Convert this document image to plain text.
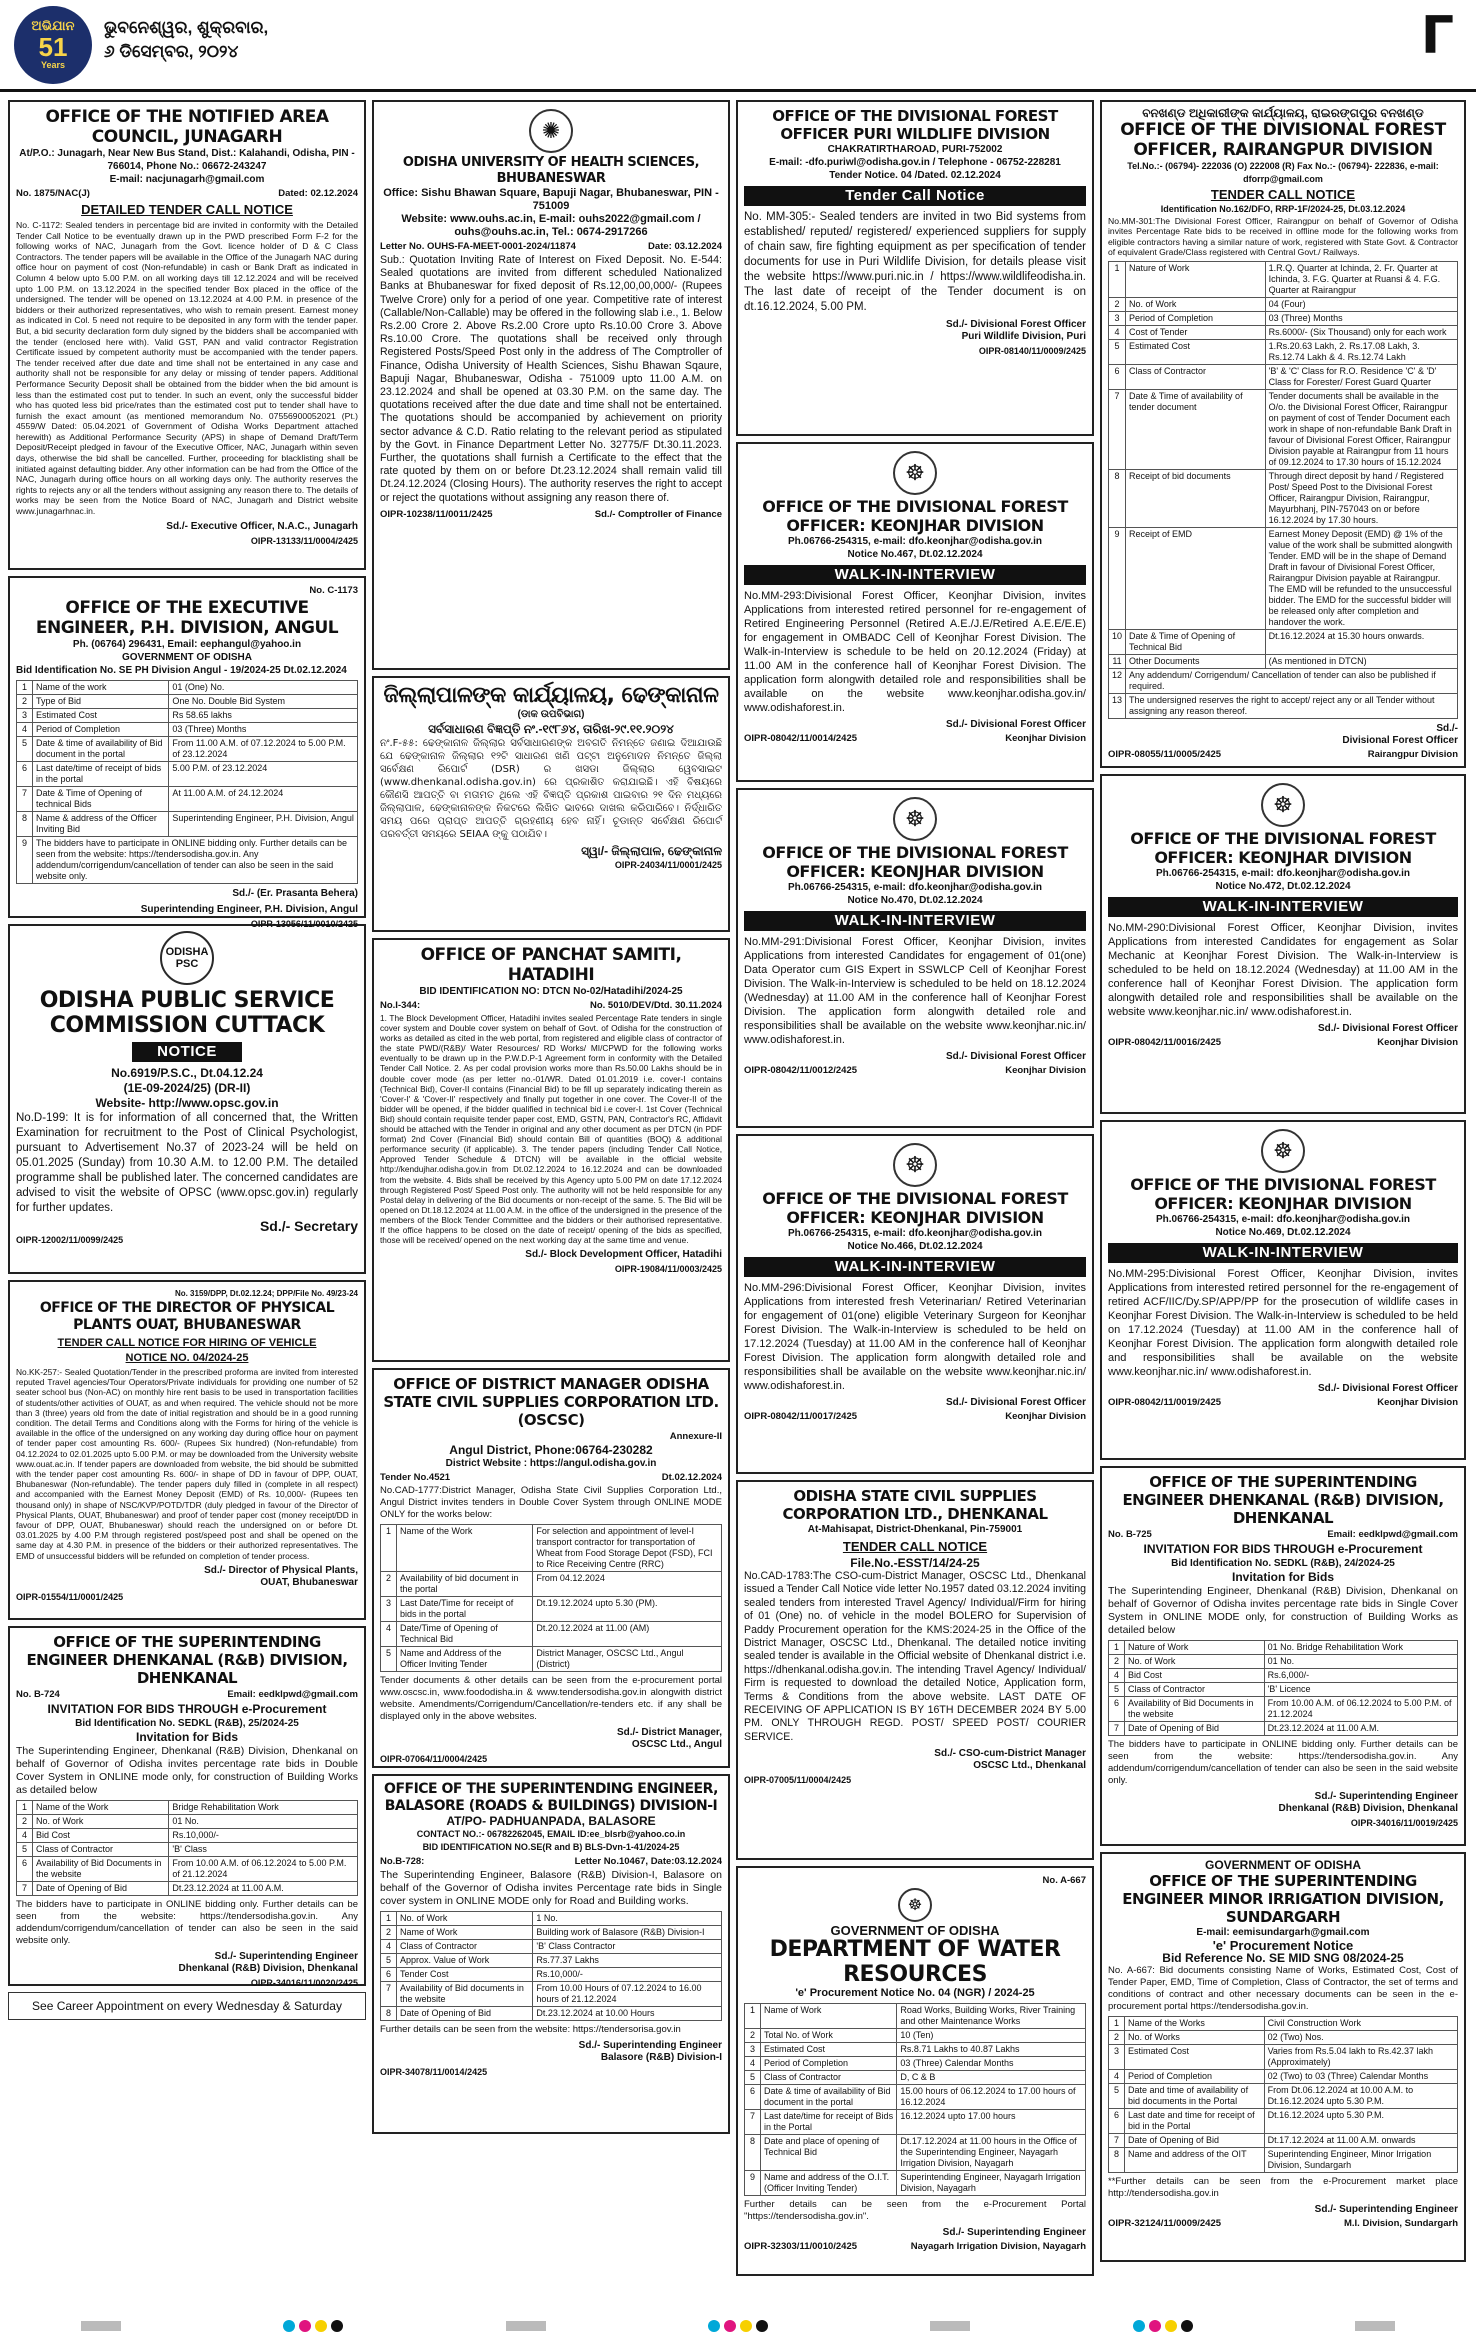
ଅଭିଯାନ
51
Years
ଭୁବନେଶ୍ୱର, ଶୁକ୍ରବାର,
୬ ଡିସେମ୍ବର, ୨୦୨୪	Γ
OFFICE OF THE NOTIFIED AREA COUNCIL, JUNAGARH
At/P.O.: Junagarh, Near New Bus Stand, Dist.: Kalahandi, Odisha, PIN - 766014, Phone No.: 06672-243247
E-mail: nacjunagarh@gmail.com
No. 1875/NAC(J)	Dated: 02.12.2024
DETAILED TENDER CALL NOTICE
No. C-1172: Sealed tenders in percentage bid are invited in conformity with the Detailed Tender Call Notice to be eventually drawn up in the PWD prescribed Form F-2 for the following works of NAC, Junagarh from the Govt. licence holder of D & C Class Contractors. The tender papers will be available in the Office of the Junagarh NAC during office hour on payment of cost (Non-refundable) in cash or Bank Draft as indicated in Column 4 below upto 5.00 P.M. on all working days till 12.12.2024 and will be received upto 1.00 P.M. on 13.12.2024 in the specified tender Box placed in the office of the undersigned. The tender will be opened on 13.12.2024 at 4.00 P.M. in presence of the bidders or their authorized representatives, who wish to remain present. Earnest money as indicated in Col. 5 need not require to be deposited in any form with the tender paper. But, a bid security declaration form duly signed by the bidders shall be accompanied with the tender (enclosed here with). Valid GST, PAN and valid contractor Registration Certificate issued by competent authority must be accompanied with the tender papers. The tender received after due date and time shall not be entertained in any case and authority shall not be responsible for any delay or missing of tender papers. Additional Performance Security Deposit shall be obtained from the bidder when the bid amount is less than the estimated cost put to tender. In such an event, only the successful bidder who has quoted less bid price/rates than the estimated cost put to tender shall have to furnish the exact amount (as mentioned memorandum No. 07556900052021 (Pt.) 4559/W Dated: 05.04.2021 of Government of Odisha Works Department attached herewith) as Additional Performance Security (APS) in shape of Demand Draft/Term Deposit/Receipt pledged in favour of the Executive Officer, NAC, Junagarh within seven days, otherwise the bid shall be cancelled. Further, proceeding for blacklisting shall be initiated against defaulting bidder. Any other information can be had from the Office of the NAC, Junagarh during office hours on all working days only. The authority reserves the rights to rejects any or all the tenders without assigning any reason there to. The details of works may be seen from the Notice Board of NAC, Junagarh and District website www.junagarhnac.in.
Sd./- Executive Officer, N.A.C., Junagarh
OIPR-13133/11/0004/2425
No. C-1173
OFFICE OF THE EXECUTIVE ENGINEER, P.H. DIVISION, ANGUL
Ph. (06764) 296431, Email: eephangul@yahoo.in
GOVERNMENT OF ODISHA
Bid Identification No. SE PH Division Angul - 19/2024-25 Dt.02.12.2024
1	Name of the work	01 (One) No.
2	Type of Bid	One No. Double Bid System
3	Estimated Cost	Rs 58.65 lakhs
4	Period of Completion	03 (Three) Months
5	Date & time of availability of Bid document in the portal	From 11.00 A.M. of 07.12.2024 to 5.00 P.M. of 23.12.2024
6	Last date/time of receipt of bids in the portal	5.00 P.M. of 23.12.2024
7	Date & Time of Opening of technical Bids	At 11.00 A.M. of 24.12.2024
8	Name & address of the Officer Inviting Bid	Superintending Engineer, P.H. Division, Angul
9	The bidders have to participate in ONLINE bidding only. Further details can be seen from the website: https://tendersodisha.gov.in. Any addendum/corrigendum/cancellation of tender can also be seen in the said website only.	
Sd./- (Er. Prasanta Behera)
Superintending Engineer, P.H. Division, Angul
OIPR-13056/11/0010/2425
ODISHA PSC
ODISHA PUBLIC SERVICE COMMISSION CUTTACK
NOTICE
No.6919/P.S.C., Dt.04.12.24
(1E-09-2024/25) (DR-II)
Website- http://www.opsc.gov.in
No.D-199: It is for information of all concerned that, the Written Examination for recruitment to the Post of Clinical Psychologist, pursuant to Advertisement No.37 of 2023-24 will be held on 05.01.2025 (Sunday) from 10.30 A.M. to 12.00 P.M. The detailed programme shall be published later. The concerned candidates are advised to visit the website of OPSC (www.opsc.gov.in) regularly for further updates.
Sd./- Secretary
OIPR-12002/11/0099/2425
No. 3159/DPP, Dt.02.12.24; DPP/File No. 49/23-24
OFFICE OF THE DIRECTOR OF PHYSICAL PLANTS OUAT, BHUBANESWAR
TENDER CALL NOTICE FOR HIRING OF VEHICLE
NOTICE NO. 04/2024-25
No.KK-257:- Sealed Quotation/Tender in the prescribed proforma are invited from interested reputed Travel agencies/Tour Operators/Private individuals for providing one number of 52 seater school bus (Non-AC) on monthly hire rent basis to be used in transportation facilities of students/other activities of OUAT, as and when required. The vehicle should not be more than 3 (three) years old from the date of initial registration and should be in a good running condition. The detail Terms and Conditions along with the Forms for hiring of the vehicle is available in the office of the undersigned on any working day during office hour on payment of tender paper cost amounting Rs. 600/- (Rupees Six hundred) (Non-refundable) from 04.12.2024 to 02.01.2025 upto 5.00 P.M. or may be downloaded from the University website www.ouat.ac.in. If tender papers are downloaded from website, the bid should be submitted with the tender paper cost amounting Rs. 600/- in shape of DD in favour of DPP, OUAT, Bhubaneswar (Non-refundable). The tender papers duly filled in (complete in all respect) and accompanied with the Earnest Money Deposit (EMD) of Rs. 10,000/- (Rupees ten thousand only) in shape of NSC/KVP/POTD/TDR (duly pledged in favour of the Director of Physical Plants, OUAT, Bhubaneswar) and proof of tender paper cost (money receipt/DD in favour of DPP, OUAT, Bhubaneswar) should reach the undersigned on or before Dt. 03.01.2025 by 4.00 P.M through registered post/speed post and shall be opened on the same day at 4.30 P.M. in presence of the bidders or their authorized representatives. The EMD of unsuccessful bidders will be refunded on completion of tender process.
Sd./- Director of Physical Plants,
OUAT, Bhubaneswar
OIPR-01554/11/0001/2425
OFFICE OF THE SUPERINTENDING ENGINEER DHENKANAL (R&B) DIVISION, DHENKANAL
No. B-724	Email: eedklpwd@gmail.com
INVITATION FOR BIDS THROUGH e-Procurement
Bid Identification No. SEDKL (R&B), 25/2024-25
Invitation for Bids
The Superintending Engineer, Dhenkanal (R&B) Division, Dhenkanal on behalf of Governor of Odisha invites percentage rate bids in Double Cover System in ONLINE mode only, for construction of Building Works as detailed below
1	Name of the Work	Bridge Rehabilitation Work
2	No. of Work	01 No.
4	Bid Cost	Rs.10,000/-
5	Class of Contractor	'B' Class
6	Availability of Bid Documents in the website	From 10.00 A.M. of 06.12.2024 to 5.00 P.M. of 21.12.2024
7	Date of Opening of Bid	Dt.23.12.2024 at 11.00 A.M.
The bidders have to participate in ONLINE bidding only. Further details can be seen from the website: https://tendersodisha.gov.in. Any addendum/corrigendum/cancellation of tender can also be seen in the said website only.
Sd./- Superintending Engineer
Dhenkanal (R&B) Division, Dhenkanal
OIPR-34016/11/0020/2425
See Career Appointment on every Wednesday & Saturday
✺
ODISHA UNIVERSITY OF HEALTH SCIENCES, BHUBANESWAR
Office: Sishu Bhawan Square, Bapuji Nagar, Bhubaneswar, PIN - 751009
Website: www.ouhs.ac.in, E-mail: ouhs2022@gmail.com / ouhs@ouhs.ac.in, Tel.: 0674-2917266
Letter No. OUHS-FA-MEET-0001-2024/11874	Date: 03.12.2024
Sub.: Quotation Inviting Rate of Interest on Fixed Deposit. No. E-544: Sealed quotations are invited from different scheduled Nationalized Banks at Bhubaneswar for fixed deposit of Rs.12,00,00,000/- (Rupees Twelve Crore) only for a period of one year. Competitive rate of interest (Callable/Non-Callable) may be offered in the following slab i.e., 1. Below Rs.2.00 Crore 2. Above Rs.2.00 Crore upto Rs.10.00 Crore 3. Above Rs.10.00 Crore. The quotations shall be received only through Registered Posts/Speed Post only in the address of The Comptroller of Finance, Odisha University of Health Sciences, Sishu Bhawan Sqaure, Bapuji Nagar, Bhubaneswar, Odisha - 751009 upto 11.00 A.M. on 23.12.2024 and shall be opened at 03.30 P.M. on the same day. The quotations received after the due date and time shall not be entertained. The quotations should be accompanied by achievement on priority sector advance & C.D. Ratio relating to the relevant period as stipulated by the Govt. in Finance Department Letter No. 32775/F Dt.30.11.2023. Further, the quotations shall furnish a Certificate to the effect that the rate quoted by them on or before Dt.23.12.2024 shall remain valid till Dt.24.12.2024 (Closing Hours). The authority reserves the right to accept or reject the quotations without assigning any reason there of.
OIPR-10238/11/0011/2425	Sd./- Comptroller of Finance
ଜିଲ୍ଲାପାଳଙ୍କ କାର୍ଯ୍ୟାଳୟ, ଢେଙ୍କାନାଳ
(ଡାକ ଉପବିଭାଗ)
ସର୍ବସାଧାରଣ ବିଜ୍ଞପ୍ତି ନଂ.-୧୯୮୬୪, ତାରିଖ-୨୯.୧୧.୨୦୨୪
ନଂ.F-୫୫: ଢେଙ୍କାନାଳ ଜିଲ୍ଲାର ସର୍ବସାଧାରଣଙ୍କ ଅବଗତି ନିମନ୍ତେ ଜଣାଇ ଦିଆଯାଉଛି ଯେ ଢେଙ୍କାନାଳ ଜିଲ୍ଲାର ୧୨ଟି ସାଧାରଣ ଖଣି ପଟ୍ଟା ଅନୁମୋଦନ ନିମନ୍ତେ ଜିଲ୍ଲା ସର୍ବେକ୍ଷଣ ରିପୋର୍ଟ (DSR) ର ଖସଡା ଜିଲ୍ଲାର ୱେବସାଇଟ (www.dhenkanal.odisha.gov.in) ରେ ପ୍ରକାଶିତ କରାଯାଇଛି। ଏହି ବିଷୟରେ କୌଣସି ଆପତ୍ତି ବା ମତାମତ ଥିଲେ ଏହି ବିଜ୍ଞପ୍ତି ପ୍ରକାଶ ପାଇବାର ୨୧ ଦିନ ମଧ୍ୟରେ ଜିଲ୍ଲାପାଳ, ଢେଙ୍କାନାଳଙ୍କ ନିକଟରେ ଲିଖିତ ଭାବରେ ଦାଖଲ କରିପାରିବେ। ନିର୍ଦ୍ଧାରିତ ସମୟ ପରେ ପ୍ରାପ୍ତ ଆପତ୍ତି ଗ୍ରହଣୀୟ ହେବ ନାହିଁ। ଚୂଡାନ୍ତ ସର୍ବେକ୍ଷଣ ରିପୋର୍ଟ ପରବର୍ତ୍ତୀ ସମୟରେ SEIAA ଙ୍କୁ ପଠାଯିବ।
ସ୍ୱା/- ଜିଲ୍ଲାପାଳ, ଢେଙ୍କାନାଳ
OIPR-24034/11/0001/2425
OFFICE OF PANCHAT SAMITI, HATADIHI
BID IDENTIFICATION NO: DTCN No-02/Hatadihi/2024-25
No.I-344:	No. 5010/DEV/Dtd. 30.11.2024
1. The Block Development Officer, Hatadihi invites sealed Percentage Rate tenders in single cover system and Double cover system on behalf of Govt. of Odisha for the construction of works as detailed as cited in the web portal, from registered and eligible class of contractor of the state PWD/(R&B)/ Water Resources/ RD Works/ MI/CPWD for the following works eventually to be drawn up in the P.W.D.P-1 Agreement form in conformity with the Detailed Tender Call Notice. 2. As per codal provision works more than Rs.50.00 Lakhs should be in double cover mode (as per letter no.-01/WR. Dated 01.01.2019 i.e. cover-I contains (Technical Bid), Cover-II contains (Financial Bid) to be fill up separately indicating therein as 'Cover-I' & 'Cover-II' respectively and finally put together in one cover. The Cover-II of the bidder will be opened, if the bidder qualified in technical bid i.e cover-I. 1st Cover (Technical Bid) should contain requisite tender paper cost, EMD, GSTN, PAN, Contractor's RC, Affidavit should be attached with the Tender in original and any other document as per DTCN (in PDF format) 2nd Cover (Financial Bid) should contain Bill of quantities (BOQ) & additional performance security (if applicable). 3. The tender papers (including Tender Call Notice, Approved Tender Schedule & DTCN) will be available in the official website http://kendujhar.odisha.gov.in from Dt.02.12.2024 to 16.12.2024 and can be downloaded from the website. 4. Bids shall be received by this Agency upto 5.00 PM on date 17.12.2024 through Registered Post/ Speed Post only. The authority will not be held responsible for any Postal delay in delivering of the Bid documents or non-receipt of the same. 5. The Bid will be opened on Dt.18.12.2024 at 11.00 A.M. in the office of the undersigned in the presence of the members of the Block Tender Committee and the bidders or their authorised representative. If the office happens to be closed on the date of receipt/ opening of the bids as specified, those will be received/ opened on the next working day at the same time and venue.
Sd./- Block Development Officer, Hatadihi
OIPR-19084/11/0003/2425
OFFICE OF DISTRICT MANAGER ODISHA STATE CIVIL SUPPLIES CORPORATION LTD. (OSCSC)
Annexure-II
Angul District, Phone:06764-230282
District Website : https://angul.odisha.gov.in
Tender No.4521	Dt.02.12.2024
No.CAD-1777:District Manager, Odisha State Civil Supplies Corporation Ltd., Angul District invites tenders in Double Cover System through ONLINE MODE ONLY for the works below:
1	Name of the Work	For selection and appointment of level-I transport contractor for transportation of Wheat from Food Storage Depot (FSD), FCI to Rice Receiving Centre (RRC)
2	Availability of bid document in the portal	From 04.12.2024
3	Last Date/Time for receipt of bids in the portal	Dt.19.12.2024 upto 5.30 (PM).
4	Date/Time of Opening of Technical Bid	Dt.20.12.2024 at 11.00 (AM)
5	Name and Address of the Officer Inviting Tender	District Manager, OSCSC Ltd., Angul (District)
Tender documents & other details can be seen from the e-procurement portal www.oscsc.in, www.foododisha.in & www.tendersodisha.gov.in alongwith district website. Amendments/Corrigendum/Cancellation/re-tenders etc. if any shall be displayed only in the above websites.
Sd./- District Manager,
OSCSC Ltd., Angul
OIPR-07064/11/0004/2425
OFFICE OF THE SUPERINTENDING ENGINEER, BALASORE (ROADS & BUILDINGS) DIVISION-I
AT/PO- PADHUANPADA, BALASORE
CONTACT NO.:- 06782262045, EMAIL ID:ee_blsrb@yahoo.co.in
BID IDENTIFICATION NO.SE(R and B) BLS-Dvn-1-41/2024-25
No.B-728:	Letter No.10467, Date:03.12.2024
The Superintending Engineer, Balasore (R&B) Division-I, Balasore on behalf of the Governor of Odisha invites Percentage rate bids in Single cover system in ONLINE MODE only for Road and Building works.
1	No. of Work	1 No.
2	Name of Work	Building work of Balasore (R&B) Division-I
4	Class of Contractor	'B' Class Contractor
5	Approx. Value of Work	Rs.77.37 Lakhs
6	Tender Cost	Rs.10,000/-
7	Availability of Bid documents in the website	From 10.00 Hours of 07.12.2024 to 16.00 hours of 21.12.2024
8	Date of Opening of Bid	Dt.23.12.2024 at 10.00 Hours
Further details can be seen from the website: https://tendersorisa.gov.in
Sd./- Superintending Engineer
Balasore (R&B) Division-I
OIPR-34078/11/0014/2425
OFFICE OF THE DIVISIONAL FOREST OFFICER PURI WILDLIFE DIVISION
CHAKRATIRTHAROAD, PURI-752002
E-mail: -dfo.puriwl@odisha.gov.in / Telephone - 06752-228281
Tender Notice. 04 /Dated. 02.12.2024
Tender Call Notice
No. MM-305:- Sealed tenders are invited in two Bid systems from established/ reputed/ registered/ experienced suppliers for supply of chain saw, fire fighting equipment as per specification of tender documents for use in Puri Wildlife Division, for details please visit the website https://www.puri.nic.in / https://www.wildlifeodisha.in. The last date of receipt of the Tender document is on dt.16.12.2024, 5.00 PM.
Sd./- Divisional Forest Officer
Puri Wildlife Division, Puri
OIPR-08140/11/0009/2425
☸
OFFICE OF THE DIVISIONAL FOREST OFFICER: KEONJHAR DIVISION
Ph.06766-254315, e-mail: dfo.keonjhar@odisha.gov.in
Notice No.467, Dt.02.12.2024
WALK-IN-INTERVIEW
No.MM-293:Divisional Forest Officer, Keonjhar Division, invites Applications from interested retired personnel for re-engagement of Retired Engineering Personnel (Retired A.E./J.E/Retired A.E.E/E.E) for engagement in OMBADC Cell of Keonjhar Forest Division. The Walk-in-Interview is schedule to be held on 20.12.2024 (Friday) at 11.00 AM in the conference hall of Keonjhar Forest Division. The application form alongwith detailed role and responsibilities shall be available on the website www.keonjhar.odisha.gov.in/ www.odishaforest.in.
Sd./- Divisional Forest Officer
OIPR-08042/11/0014/2425	Keonjhar Division
☸
OFFICE OF THE DIVISIONAL FOREST OFFICER: KEONJHAR DIVISION
Ph.06766-254315, e-mail: dfo.keonjhar@odisha.gov.in
Notice No.470, Dt.02.12.2024
WALK-IN-INTERVIEW
No.MM-291:Divisional Forest Officer, Keonjhar Division, invites Applications from interested Candidates for engagement of 01(one) Data Operator cum GIS Expert in SSWLCP Cell of Keonjhar Forest Division. The Walk-in-Interview is scheduled to be held on 18.12.2024 (Wednesday) at 11.00 AM in the conference hall of Keonjhar Forest Division. The application form alongwith detailed role and responsibilities shall be available on the website www.keonjhar.nic.in/ www.odishaforest.in.
Sd./- Divisional Forest Officer
OIPR-08042/11/0012/2425	Keonjhar Division
☸
OFFICE OF THE DIVISIONAL FOREST OFFICER: KEONJHAR DIVISION
Ph.06766-254315, e-mail: dfo.keonjhar@odisha.gov.in
Notice No.466, Dt.02.12.2024
WALK-IN-INTERVIEW
No.MM-296:Divisional Forest Officer, Keonjhar Division, invites Applications from interested fresh Veterinarian/ Retired Veterinarian for engagement of 01(one) eligible Veterinary Surgeon for Keonjhar Forest Division. The Walk-in-Interview is scheduled to be held on 17.12.2024 (Tuesday) at 11.00 AM in the conference hall of Keonjhar Forest Division. The application form alongwith detailed role and responsibilities shall be available on the website www.keonjhar.nic.in/ www.odishaforest.in.
Sd./- Divisional Forest Officer
OIPR-08042/11/0017/2425	Keonjhar Division
ODISHA STATE CIVIL SUPPLIES CORPORATION LTD., DHENKANAL
At-Mahisapat, District-Dhenkanal, Pin-759001
TENDER CALL NOTICE
File.No.-ESST/14/24-25
No.CAD-1783:The CSO-cum-District Manager, OSCSC Ltd., Dhenkanal issued a Tender Call Notice vide letter No.1957 dated 03.12.2024 inviting sealed tenders from interested Travel Agency/ Individual/Firm for hiring of 01 (One) no. of vehicle in the model BOLERO for Supervision of Paddy Procurement operation for the KMS:2024-25 in the Office of the District Manager, OSCSC Ltd., Dhenkanal. The detailed notice inviting sealed tender is available in the Official website of Dhenkanal district i.e. https://dhenkanal.odisha.gov.in. The intending Travel Agency/ Individual/ Firm is requested to download the detailed Notice, Application form, Terms & Conditions from the above website. LAST DATE OF RECEIVING OF APPLICATION IS BY 16TH DECEMBER 2024 BY 5.00 PM. ONLY THROUGH REGD. POST/ SPEED POST/ COURIER SERVICE.
Sd./- CSO-cum-District Manager
OSCSC Ltd., Dhenkanal
OIPR-07005/11/0004/2425
No. A-667
☸
GOVERNMENT OF ODISHA
DEPARTMENT OF WATER RESOURCES
'e' Procurement Notice No. 04 (NGR) / 2024-25
1	Name of Work	Road Works, Building Works, River Training and other Maintenance Works
2	Total No. of Work	10 (Ten)
3	Estimated Cost	Rs.8.71 Lakhs to 40.87 Lakhs
4	Period of Completion	03 (Three) Calendar Months
5	Class of Contractor	D, C & B
6	Date & time of availability of Bid document in the portal	15.00 hours of 06.12.2024 to 17.00 hours of 16.12.2024
7	Last date/time for receipt of Bids in the Portal	16.12.2024 upto 17.00 hours
8	Date and place of opening of Technical Bid	Dt.17.12.2024 at 11.00 hours in the Office of the Superintending Engineer, Nayagarh Irrigation Division, Nayagarh
9	Name and address of the O.I.T. (Officer Inviting Tender)	Superintending Engineer, Nayagarh Irrigation Division, Nayagarh
Further details can be seen from the e-Procurement Portal "https://tendersodisha.gov.in".
Sd./- Superintending Engineer
OIPR-32303/11/0010/2425	Nayagarh Irrigation Division, Nayagarh
ବନଖଣ୍ଡ ଅଧିକାରୀଙ୍କ କାର୍ଯ୍ୟାଳୟ, ରାଇରଙ୍ଗପୁର ବନଖଣ୍ଡ
OFFICE OF THE DIVISIONAL FOREST OFFICER, RAIRANGPUR DIVISION
Tel.No.:- (06794)- 222036 (O) 222008 (R) Fax No.:- (06794)- 222836, e-mail: dforrp@gmail.com
TENDER CALL NOTICE
Identification No.162/DFO, RRP-1F/2024-25, Dt.03.12.2024
No.MM-301:The Divisional Forest Officer, Rairangpur on behalf of Governor of Odisha invites Percentage Rate bids to be received in offline mode for the following works from eligible contractors having a similar nature of work, registered with State Govt. & Contractor of equivalent Grade/Class registered with Central Govt./ Railways.
1	Nature of Work	1.R.Q. Quarter at Ichinda, 2. Fr. Quarter at Ichinda, 3. F.G. Quarter at Ruansi & 4. F.G. Quarter at Rairangpur
2	No. of Work	04 (Four)
3	Period of Completion	03 (Three) Months
4	Cost of Tender	Rs.6000/- (Six Thousand) only for each work
5	Estimated Cost	1.Rs.20.63 Lakh, 2. Rs.17.08 Lakh, 3. Rs.12.74 Lakh & 4. Rs.12.74 Lakh
6	Class of Contractor	'B' & 'C' Class for R.O. Residence 'C' & 'D' Class for Forester/ Forest Guard Quarter
7	Date & Time of availability of tender document	Tender documents shall be available in the O/o. the Divisional Forest Officer, Rairangpur on payment of cost of Tender Document each work in shape of non-refundable Bank Draft in favour of Divisional Forest Officer, Rairangpur Division payable at Rairangpur from 11 hours of 09.12.2024 to 17.30 hours of 15.12.2024
8	Receipt of bid documents	Through direct deposit by hand / Registered Post/ Speed Post to the Divisional Forest Officer, Rairangpur Division, Rairangpur, Mayurbhanj, PIN-757043 on or before 16.12.2024 by 17.30 hours.
9	Receipt of EMD	Earnest Money Deposit (EMD) @ 1% of the value of the work shall be submitted alongwith Tender. EMD will be in the shape of Demand Draft in favour of Divisional Forest Officer, Rairangpur Division payable at Rairangpur. The EMD will be refunded to the unsuccessful bidder. The EMD for the successful bidder will be released only after completion and handover the work.
10	Date & Time of Opening of Technical Bid	Dt.16.12.2024 at 15.30 hours onwards.
11	Other Documents	(As mentioned in DTCN)
12	Any addendum/ Corrigendum/ Cancellation of tender can also be published if required.	
13	The undersigned reserves the right to accept/ reject any or all Tender without assigning any reason thereof.	
Sd./-
Divisional Forest Officer
OIPR-08055/11/0005/2425	Rairangpur Division
☸
OFFICE OF THE DIVISIONAL FOREST OFFICER: KEONJHAR DIVISION
Ph.06766-254315, e-mail: dfo.keonjhar@odisha.gov.in
Notice No.472, Dt.02.12.2024
WALK-IN-INTERVIEW
No.MM-290:Divisional Forest Officer, Keonjhar Division, invites Applications from interested Candidates for engagement as Solar Mechanic at Keonjhar Forest Division. The Walk-in-Interview is scheduled to be held on 18.12.2024 (Wednesday) at 11.00 AM in the conference hall of Keonjhar Forest Division. The application form alongwith detailed role and responsibilities shall be available on the website www.keonjhar.nic.in/ www.odishaforest.in.
Sd./- Divisional Forest Officer
OIPR-08042/11/0016/2425	Keonjhar Division
☸
OFFICE OF THE DIVISIONAL FOREST OFFICER: KEONJHAR DIVISION
Ph.06766-254315, e-mail: dfo.keonjhar@odisha.gov.in
Notice No.469, Dt.02.12.2024
WALK-IN-INTERVIEW
No.MM-295:Divisional Forest Officer, Keonjhar Division, invites Applications from interested retired personnel for the re-engagement of retired ACF/IIC/Dy.SP/APP/PP for the prosecution of wildlife cases in Keonjhar Forest Division. The Walk-in-Interview is scheduled to be held on 17.12.2024 (Tuesday) at 11.00 AM in the conference hall of Keonjhar Forest Division. The application form alongwith detailed role and responsibilities shall be available on the website www.keonjhar.nic.in/ www.odishaforest.in.
Sd./- Divisional Forest Officer
OIPR-08042/11/0019/2425	Keonjhar Division
OFFICE OF THE SUPERINTENDING ENGINEER DHENKANAL (R&B) DIVISION, DHENKANAL
No. B-725	Email: eedklpwd@gmail.com
INVITATION FOR BIDS THROUGH e-Procurement
Bid Identification No. SEDKL (R&B), 24/2024-25
Invitation for Bids
The Superintending Engineer, Dhenkanal (R&B) Division, Dhenkanal on behalf of Governor of Odisha invites percentage rate bids in Single Cover System in ONLINE MODE only, for construction of Building Works as detailed below
1	Nature of Work	01 No. Bridge Rehabilitation Work
2	No. of Work	01 No.
4	Bid Cost	Rs.6,000/-
5	Class of Contractor	'B' Licence
6	Availability of Bid Documents in the website	From 10.00 A.M. of 06.12.2024 to 5.00 P.M. of 21.12.2024
7	Date of Opening of Bid	Dt.23.12.2024 at 11.00 A.M.
The bidders have to participate in ONLINE bidding only. Further details can be seen from the website: https://tendersodisha.gov.in. Any addendum/corrigendum/cancellation of tender can also be seen in the said website only.
Sd./- Superintending Engineer
Dhenkanal (R&B) Division, Dhenkanal
OIPR-34016/11/0019/2425
GOVERNMENT OF ODISHA
OFFICE OF THE SUPERINTENDING ENGINEER MINOR IRRIGATION DIVISION, SUNDARGARH
E-mail: eemisundargarh@gmail.com
'e' Procurement Notice
Bid Reference No. SE MID SNG 08/2024-25
No. A-667: Bid documents consisting Name of Works, Estimated Cost, Cost of Tender Paper, EMD, Time of Completion, Class of Contractor, the set of terms and conditions of contract and other necessary documents can be seen in the e-procurement portal https://tendersodisha.gov.in.
1	Name of the Works	Civil Construction Work
2	No. of Works	02 (Two) Nos.
3	Estimated Cost	Varies from Rs.5.04 lakh to Rs.42.37 lakh (Approximately)
4	Period of Completion	02 (Two) to 03 (Three) Calendar Months
5	Date and time of availability of bid documents in the Portal	From Dt.06.12.2024 at 10.00 A.M. to Dt.16.12.2024 upto 5.30 P.M.
6	Last date and time for receipt of bid in the Portal	Dt.16.12.2024 upto 5.30 P.M.
7	Date of Opening of Bid	Dt.17.12.2024 at 11.00 A.M. onwards
8	Name and address of the OIT	Superintending Engineer, Minor Irrigation Division, Sundargarh
**Further details can be seen from the e-Procurement market place http://tendersodisha.gov.in
Sd./- Superintending Engineer
OIPR-32124/11/0009/2425	M.I. Division, Sundargarh
